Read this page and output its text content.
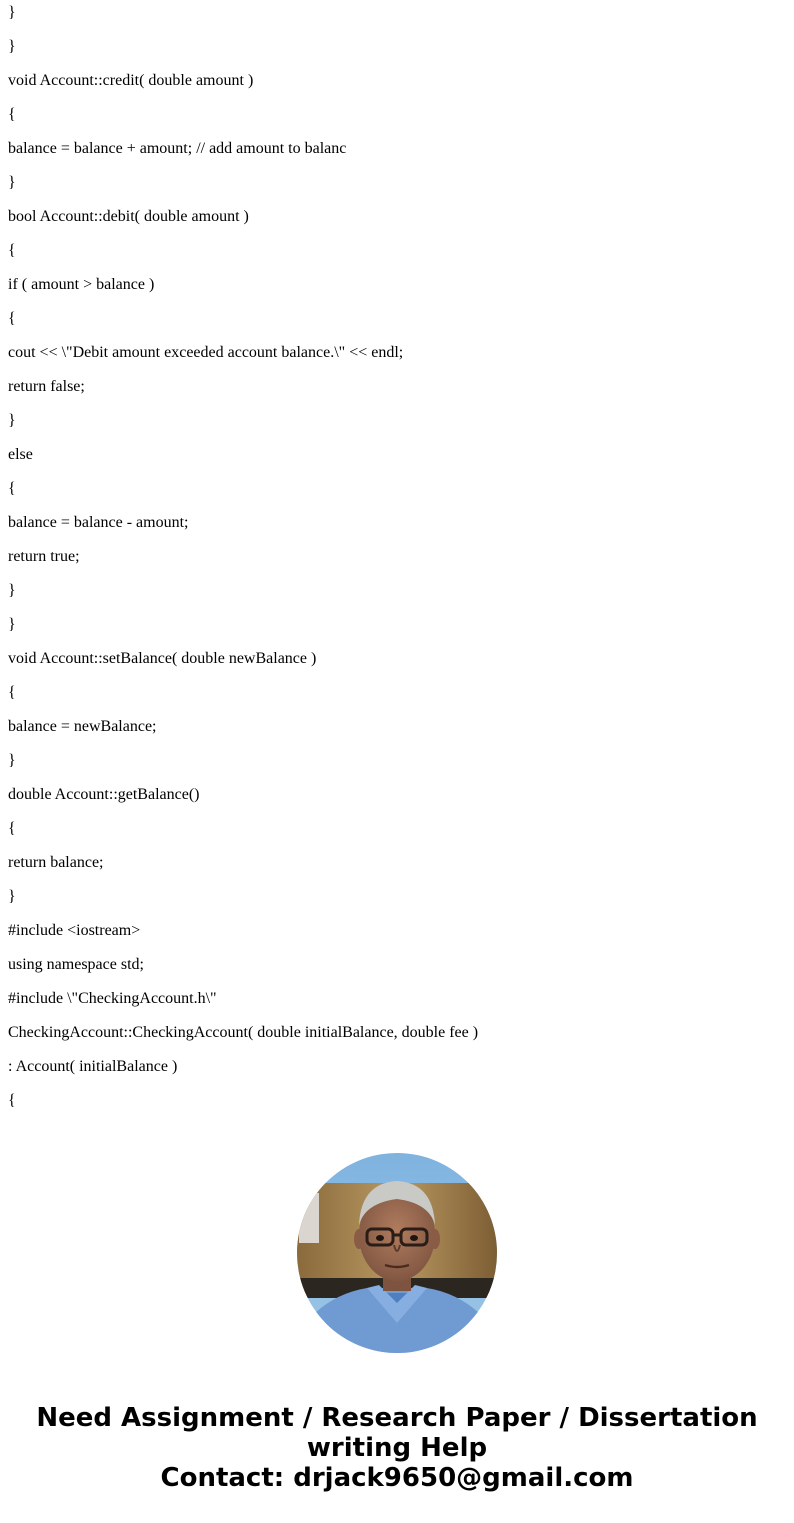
}

}

void Account::credit( double amount )

{

balance = balance + amount; // add amount to balanc

}

bool Account::debit( double amount )

{

if ( amount > balance )

{

cout << \"Debit amount exceeded account balance.\" << endl;

return false;

}

else

{

balance = balance - amount;

return true;

}

}

void Account::setBalance( double newBalance )

{

balance = newBalance;

}

double Account::getBalance()

{

return balance;

}

#include <iostream>

using namespace std;

#include \"CheckingAccount.h\"

CheckingAccount::CheckingAccount( double initialBalance, double fee )

: Account( initialBalance )

{

Need Assignment / Research Paper / Dissertation
writing Help
Contact: drjack9650@gmail.com
